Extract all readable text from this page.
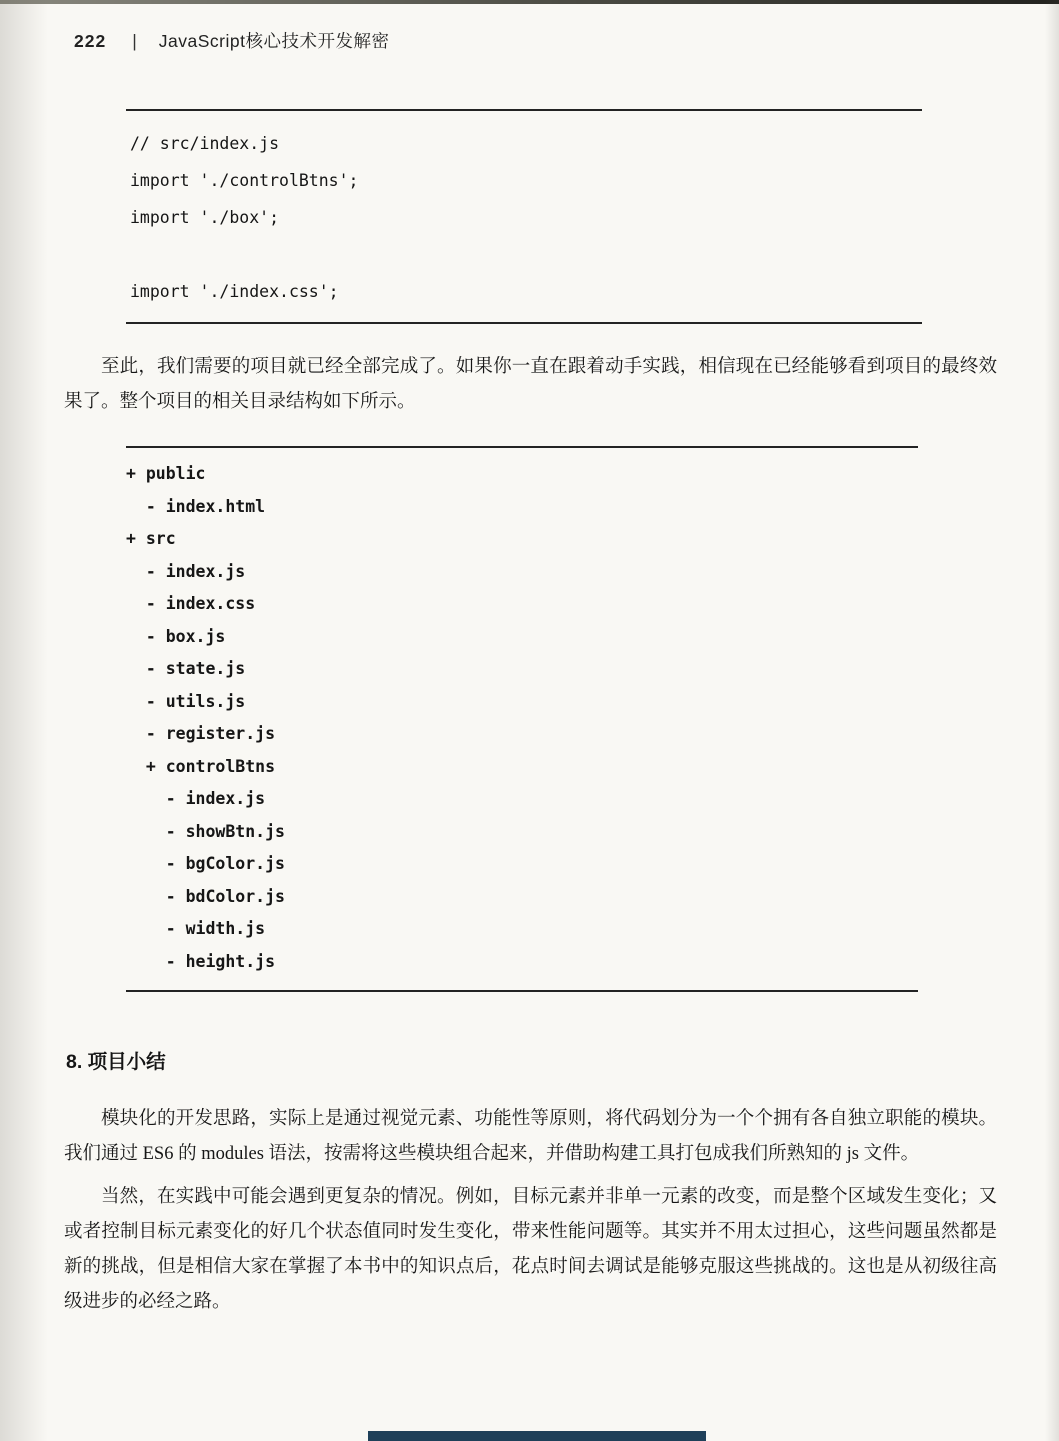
222 | JavaScript核心技术开发解密
// src/index.js
import './controlBtns';
import './box';
import './index.css';

至此，我们需要的项目就已经全部完成了。如果你一直在跟着动手实践，相信现在已经能够看到项目的最终效果了。整个项目的相关目录结构如下所示。

+ public
- index.html
+ src
- index.js
- index.css
- box.js
- state.js
- utils.js
- register.js
+ controlBtns
- index.js
- showBtn.js
- bgColor.js
- bdColor.js
- width.js
- height.js
8. 项目小结

模块化的开发思路，实际上是通过视觉元素、功能性等原则，将代码划分为一个个拥有各自独立职能的模块。我们通过 ES6 的 modules 语法，按需将这些模块组合起来，并借助构建工具打包成我们所熟知的 js 文件。

当然，在实践中可能会遇到更复杂的情况。例如，目标元素并非单一元素的改变，而是整个区域发生变化；又或者控制目标元素变化的好几个状态值同时发生变化，带来性能问题等。其实并不用太过担心，这些问题虽然都是新的挑战，但是相信大家在掌握了本书中的知识点后，花点时间去调试是能够克服这些挑战的。这也是从初级往高级进步的必经之路。
